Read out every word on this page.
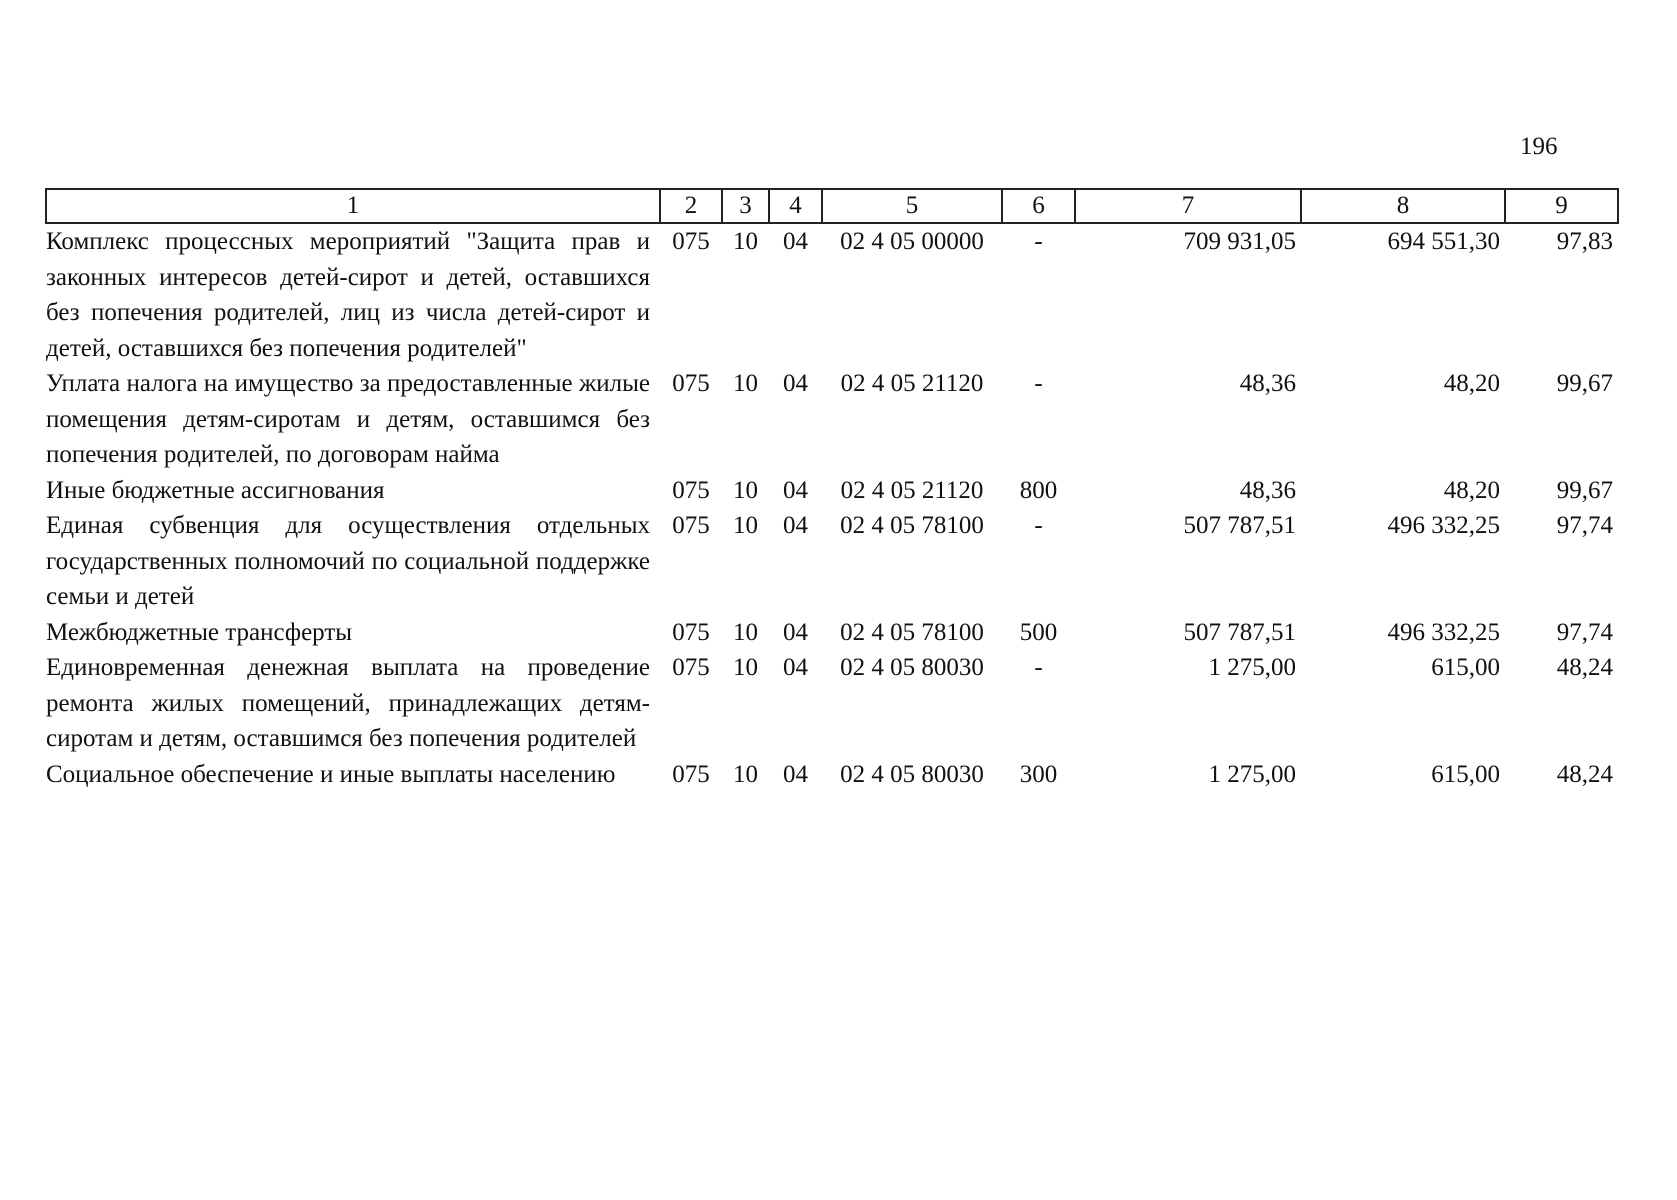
196
1	2	3	4	5	6	7	8	9
Комплекс процессных мероприятий "Защита прав и законных интересов детей-сирот и детей, оставшихся без попечения родителей, лиц из числа детей-сирот и детей, оставшихся без попечения родителей"	075	10	04	02 4 05 00000	-	709 931,05	694 551,30	97,83
Уплата налога на имущество за предоставленные жилые помещения детям-сиротам и детям, оставшимся без попечения родителей, по договорам найма	075	10	04	02 4 05 21120	-	48,36	48,20	99,67
Иные бюджетные ассигнования	075	10	04	02 4 05 21120	800	48,36	48,20	99,67
Единая субвенция для осуществления отдельных государственных полномочий по социальной поддержке семьи и детей	075	10	04	02 4 05 78100	-	507 787,51	496 332,25	97,74
Межбюджетные трансферты	075	10	04	02 4 05 78100	500	507 787,51	496 332,25	97,74
Единовременная денежная выплата на проведение ремонта жилых помещений, принадлежащих детям-сиротам и детям, оставшимся без попечения родителей	075	10	04	02 4 05 80030	-	1 275,00	615,00	48,24
Социальное обеспечение и иные выплаты населению	075	10	04	02 4 05 80030	300	1 275,00	615,00	48,24
